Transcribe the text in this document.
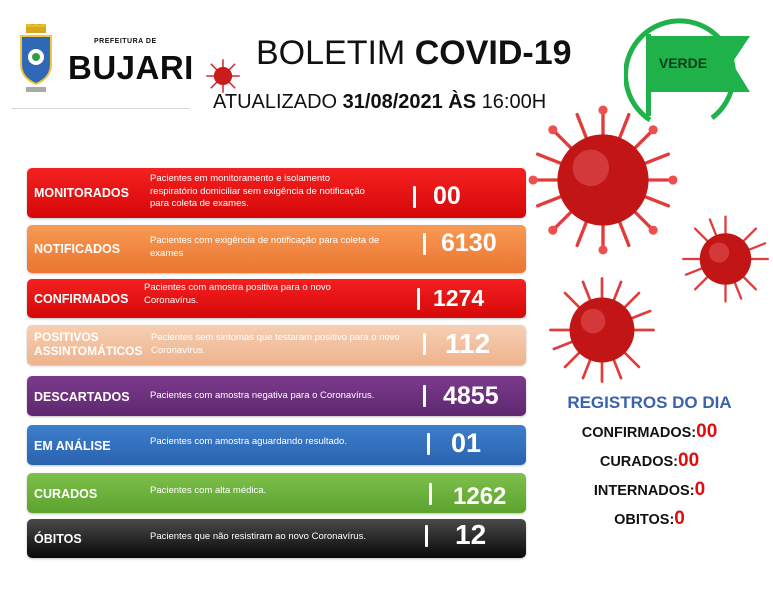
PREFEITURA DE
BUJARI BOLETIM COVID-19
ATUALIZADO 31/08/2021 ÀS 16:00H
VERDE
MONITORADOS
Pacientes em monitoramento e isolamento respiratório domiciliar sem exigência de notificação para coleta de exames.	00
NOTIFICADOS
Pacientes com exigência de notificação para coleta de exames	6130
CONFIRMADOS
Pacientes com amostra positiva para o novo Coronavírus.	1274
POSITIVOS ASSINTOMÁTICOS
Pacientes sem sintomas que testaram positivo para o novo Coronavírus.	112
DESCARTADOS Pacientes com amostra negativa para o Coronavírus.	4855
EM ANÁLISE	Pacientes com amostra aguardando resultado.	01
CURADOS	Pacientes com alta médica.	1262
ÓBITOS	Pacientes que não resistiram ao novo Coronavírus.	12
REGISTROS DO DIA
CONFIRMADOS:00
CURADOS:00
INTERNADOS:0
OBITOS:0
